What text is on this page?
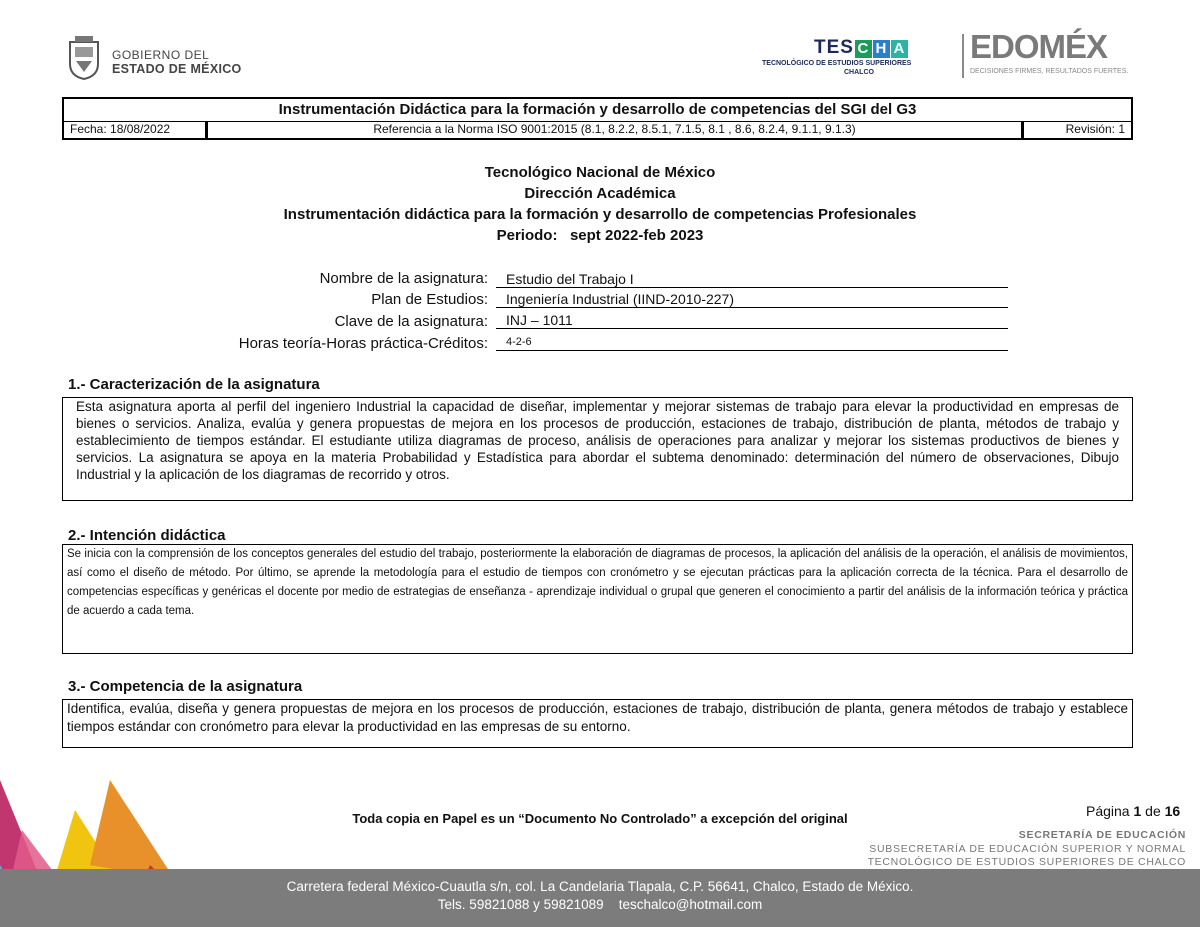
GOBIERNO DEL
ESTADO DE MÉXICO
TES C H A
TECNOLÓGICO DE ESTUDIOS SUPERIORES
CHALCO
EDOMÉX
DECISIONES FIRMES, RESULTADOS FUERTES.
Instrumentación Didáctica para la formación y desarrollo de competencias del SGI del G3
Fecha: 18/08/2022	Referencia a la Norma ISO 9001:2015 (8.1, 8.2.2, 8.5.1, 7.1.5, 8.1 , 8.6, 8.2.4, 9.1.1, 9.1.3)	Revisión: 1
Tecnológico Nacional de México
Dirección Académica
Instrumentación didáctica para la formación y desarrollo de competencias Profesionales
Periodo:   sept 2022-feb 2023
Nombre de la asignatura:	Estudio del Trabajo I
Plan de Estudios:	Ingeniería Industrial (IIND-2010-227)
Clave de la asignatura:	INJ – 1011
Horas teoría-Horas práctica-Créditos:	4-2-6
1.- Caracterización de la asignatura
Esta asignatura aporta al perfil del ingeniero Industrial la capacidad de diseñar, implementar y mejorar sistemas de trabajo para elevar la productividad en empresas de bienes o servicios. Analiza, evalúa y genera propuestas de mejora en los procesos de producción, estaciones de trabajo, distribución de planta, métodos de trabajo y establecimiento de tiempos estándar. El estudiante utiliza diagramas de proceso, análisis de operaciones para analizar y mejorar los sistemas productivos de bienes y servicios. La asignatura se apoya en la materia Probabilidad y Estadística para abordar el subtema denominado: determinación del número de observaciones, Dibujo Industrial y la aplicación de los diagramas de recorrido y otros.
2.- Intención didáctica
Se inicia con la comprensión de los conceptos generales del estudio del trabajo, posteriormente la elaboración de diagramas de procesos, la aplicación del análisis de la operación, el análisis de movimientos, así como el diseño de método. Por último, se aprende la metodología para el estudio de tiempos con cronómetro y se ejecutan prácticas para la aplicación correcta de la técnica. Para el desarrollo de competencias específicas y genéricas el docente por medio de estrategias de enseñanza - aprendizaje individual o grupal que generen el conocimiento a partir del análisis de la información teórica y práctica de acuerdo a cada tema.
3.- Competencia de la asignatura
Identifica, evalúa, diseña y genera propuestas de mejora en los procesos de producción, estaciones de trabajo, distribución de planta, genera métodos de trabajo y establece tiempos estándar con cronómetro para elevar la productividad en las empresas de su entorno.
Toda copia en Papel es un “Documento No Controlado” a excepción del original	Página 1 de 16
SECRETARÍA DE EDUCACIÓN
SUBSECRETARÍA DE EDUCACIÓN SUPERIOR Y NORMAL
TECNOLÓGICO DE ESTUDIOS SUPERIORES DE CHALCO
Carretera federal México-Cuautla s/n, col. La Candelaria Tlapala, C.P. 56641, Chalco, Estado de México.
Tels. 59821088 y 59821089    teschalco@hotmail.com
